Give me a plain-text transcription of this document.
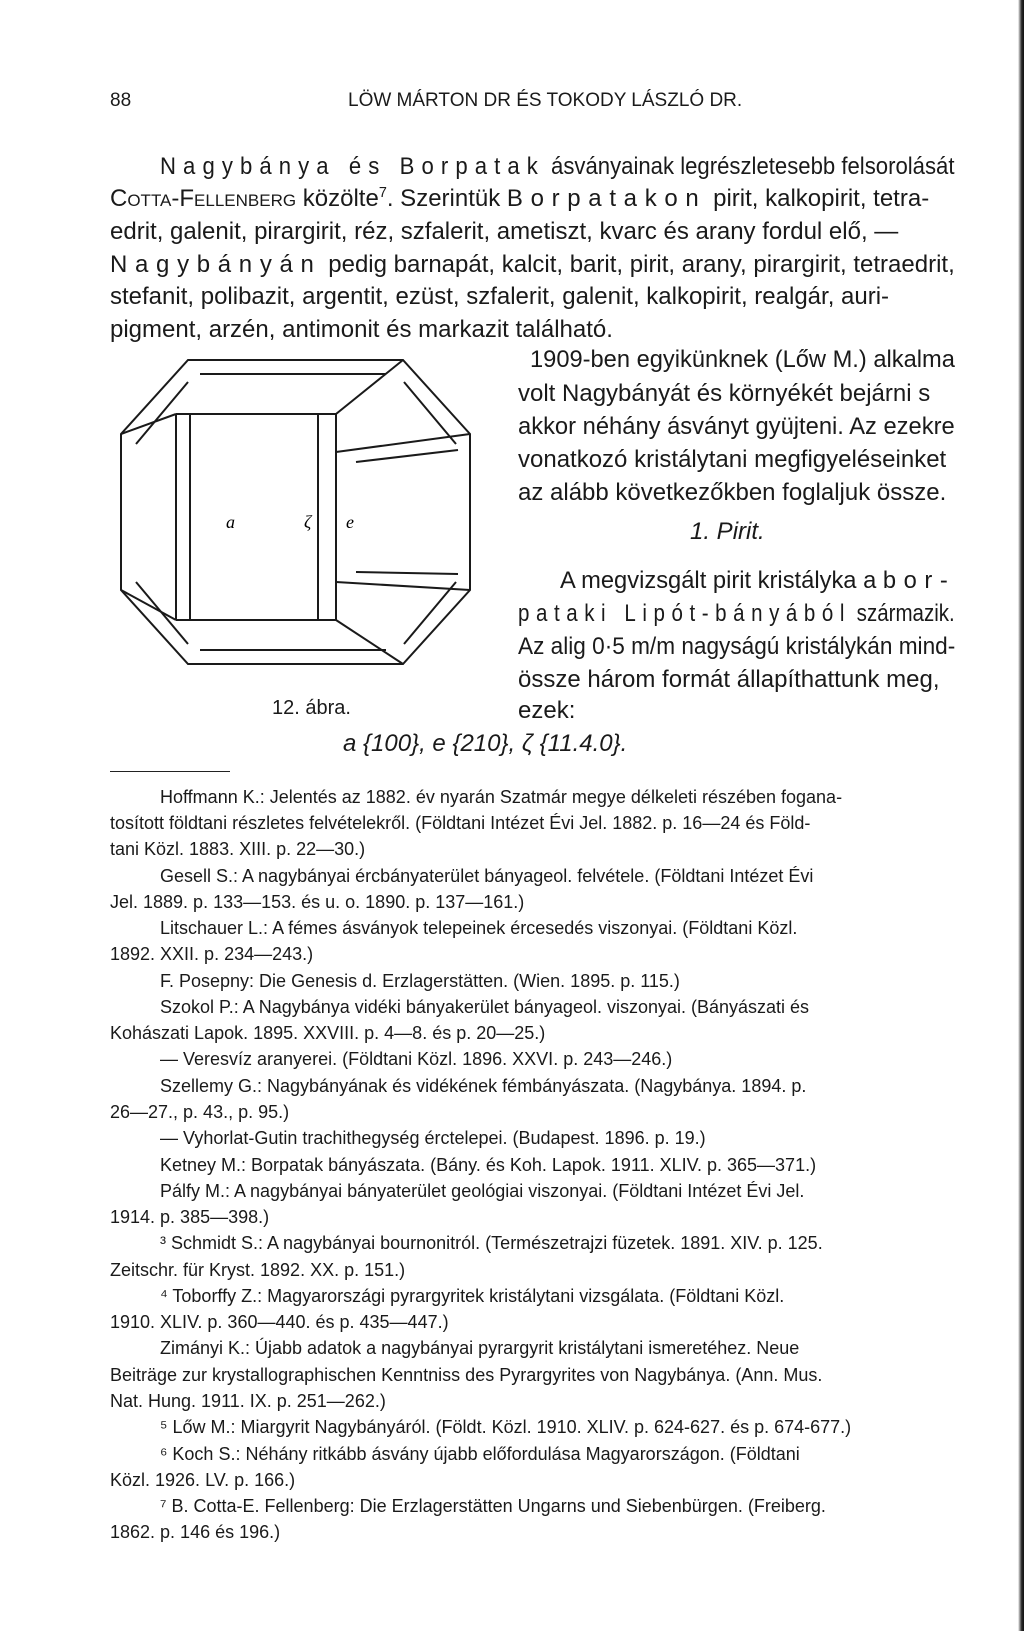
88	LÖW MÁRTON DR ÉS TOKODY LÁSZLÓ DR.
Nagybánya és Borpatak ásványainak legrészletesebb felsorolását
Cotta-Fellenberg közölte$^7$. Szerintük Borpatakon pirit, kalkopirit, tetra-
edrit, galenit, pirargirit, réz, szfalerit, ametiszt, kvarc és arany fordul elő, —
Nagybányán pedig barnapát, kalcit, barit, pirit, arany, pirargirit, tetraedrit,
stefanit, polibazit, argentit, ezüst, szfalerit, galenit, kalkopirit, realgár, auri-
pigment, arzén, antimonit és markazit található.
a	ζ e
12. ábra.
1909-ben egyikünknek (Lőw M.) alkalma
volt Nagybányát és környékét bejárni s
akkor néhány ásványt gyüjteni. Az ezekre
vonatkozó kristálytani megfigyeléseinket
az alább következőkben foglaljuk össze.
1. Pirit.
A megvizsgált pirit kristályka a bor-
pataki Lipót-bányából származik.
Az alig 0·5 m/m nagyságú kristálykán mind-
össze három formát állapíthattunk meg,
ezek:
a {100}, e {210}, ζ {11.4.0}.
Hoffmann K.: Jelentés az 1882. év nyarán Szatmár megye délkeleti részében foganа-
tosított földtani részletes felvételekről. (Földtani Intézet Évi Jel. 1882. p. 16—24 és Föld-
tani Közl. 1883. XIII. p. 22—30.)
Gesell S.: A nagybányai ércbányaterület bányageol. felvétele. (Földtani Intézet Évi
Jel. 1889. p. 133—153. és u. o. 1890. p. 137—161.)
Litschauer L.: A fémes ásványok telepeinek ércesedés viszonyai. (Földtani Közl.
1892. XXII. p. 234—243.)
F. Posepny: Die Genesis d. Erzlagerstätten. (Wien. 1895. p. 115.)
Szokol P.: A Nagybánya vidéki bányakerület bányageol. viszonyai. (Bányászati és
Kohászati Lapok. 1895. XXVIII. p. 4—8. és p. 20—25.)
— Veresvíz aranyerei. (Földtani Közl. 1896. XXVI. p. 243—246.)
Szellemy G.: Nagybányának és vidékének fémbányászata. (Nagybánya. 1894. p.
26—27., p. 43., p. 95.)
— Vyhorlat-Gutin trachithegység érctelepei. (Budapest. 1896. p. 19.)
Ketney M.: Borpatak bányászata. (Bány. és Koh. Lapok. 1911. XLIV. p. 365—371.)
Pálfy M.: A nagybányai bányaterület geológiai viszonyai. (Földtani Intézet Évi Jel.
1914. p. 385—398.)
³ Schmidt S.: A nagybányai bournonitról. (Természetrajzi füzetek. 1891. XIV. p. 125.
Zeitschr. für Kryst. 1892. XX. p. 151.)
⁴ Toborffy Z.: Magyarországi pyrargyritek kristálytani vizsgálata. (Földtani Közl.
1910. XLIV. p. 360—440. és p. 435—447.)
Zimányi K.: Újabb adatok a nagybányai pyrargyrit kristálytani ismeretéhez. Neue
Beiträge zur krystallographischen Kenntniss des Pyrargyrites von Nagybánya. (Ann. Mus.
Nat. Hung. 1911. IX. p. 251—262.)
⁵ Lőw M.: Miargyrit Nagybányáról. (Földt. Közl. 1910. XLIV. p. 624-627. és p. 674-677.)
⁶ Koch S.: Néhány ritkább ásvány újabb előfordulása Magyarországon. (Földtani
Közl. 1926. LV. p. 166.)
⁷ B. Cotta-E. Fellenberg: Die Erzlagerstätten Ungarns und Siebenbürgen. (Freiberg.
1862. p. 146 és 196.)
